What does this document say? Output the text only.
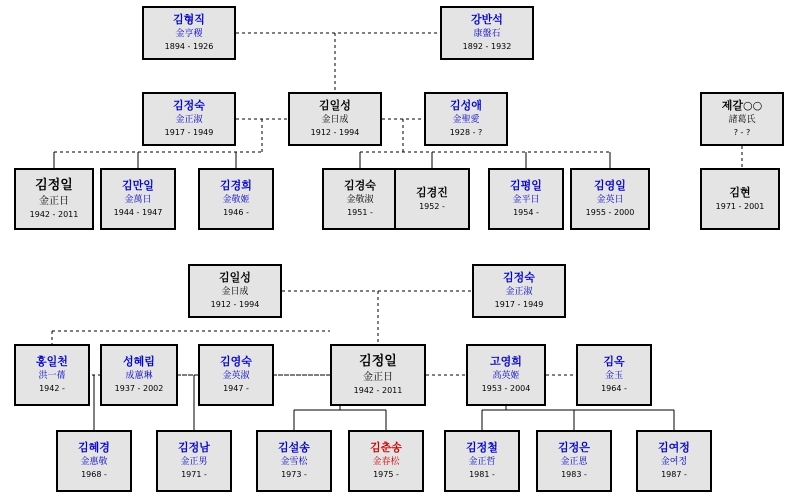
김형직
金亨稷
1894 - 1926
강반석
康盤石
1892 - 1932
김정숙
金正淑
1917 - 1949
김일성
金日成
1912 - 1994
김성애
金聖愛
1928 - ?
제갈○○
諸葛氏
? - ?
김정일
金正日
1942 - 2011
김만일
金萬日
1944 - 1947
김경희
金敬姬
1946 -
김경숙
金敬淑
1951 -
김경진
1952 -
김평일
金平日
1954 -
김영일
金英日
1955 - 2000
김현
1971 - 2001
김일성
金日成
1912 - 1994
김정숙
金正淑
1917 - 1949
홍일천
洪一蒨
1942 -
성혜림
成蕙琳
1937 - 2002
김영숙
金英淑
1947 -
김정일
金正日
1942 - 2011
고영희
高英姬
1953 - 2004
김옥
金玉
1964 -
김혜경
金惠敬
1968 -
김정남
金正男
1971 -
김설송
金雪松
1973 -
김춘송
金春松
1975 -
김정철
金正哲
1981 -
김정은
金正恩
1983 -
김여정
金여정
1987 -
